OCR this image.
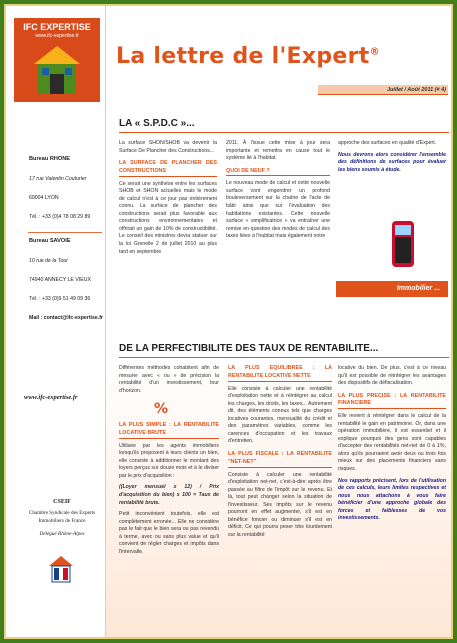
IFC EXPERTISE
www.ifc-expertise.fr
Bureau RHONE
17 rue Valentin Couturier
69004 LYON
Tél. : +33 (0)4 78 08 29 89
Bureau SAVOIE
10 rue de la Tour
74940 ANNECY LE VIEUX
Tél. : +33 (0)9 51 49 09 36
Mail : contact@ifc-expertise.fr
www.ifc-expertise.fr
CSEIF
Chambre Syndicale des Experts
Immobiliers de France
Délégué Rhône-Alpes
La lettre de l'Expert®
Juillet / Août 2011 (# 4)
LA « S.P.D.C »...

La surface SHON/SHOB va devenir la Surface De Plancher des Constructions...

LA SURFACE DE PLANCHER DES CONSTRUCTIONS

Ce serait une synthèse entre les surfaces SHOB et SHON actuelles mais le mode de calcul n'est à ce jour pas entièrement connu. La surface de plancher des constructions serait plus favorable aux constructions environnementales et offrirait un gain de 10% de constructibilité. Le conseil des ministres devra statuer sur la loi Grenelle 2 de juillet 2010 au plus tard en septembre

2011. À l'issue cette mise à jour sera importante et remettra en cause tout le système lié à l'habitat.

QUOI DE NEUF ?

Le nouveau mode de calcul et cette nouvelle surface vont engendrer un profond bouleversement sur la chaîne de l'acte de bâtir ainsi que sur l'évaluation des habitations existantes. Cette nouvelle surface « simplificatrice » va entraîner une remise en question des modes de calcul des taxes liées à l'habitat mais également notre

approche des surfaces en qualité d'Expert.

Nous devrons alors considérer l'ensemble des définitions de surfaces pour évaluer les biens soumis à étude.

Immobilier ...
DE LA PERFECTIBILITE DES TAUX DE RENTABILITE...

Différentes méthodes cohabitent afin de mesurer avec « ou » de précision la rentabilité d'un investissement, tour d'horizon.

LA PLUS SIMPLE : LA RENTABILITE LOCATIVE BRUTE

Utilisée par les agents immobiliers lorsqu'ils proposent à leurs clients un bien, elle consiste à additionner le montant des loyers perçus sur douze mois et à le diviser par le prix d'acquisition :

((Loyer mensuel x 12) / Prix d'acquisition du bien) x 100 = Taux de rentabilité brute.

Petit inconvénient toutefois, elle est complètement erronée... Elle ne considère pas le fait que le bien sera ou pas revendu à terme, avec ou sans plus value et qu'il convient de régler charges et impôts dans l'intervalle.

%
LA PLUS EQUILIBREE : LA RENTABILITE LOCATIVE NETTE

Elle consiste à calculer une rentabilité d'exploitation nette et à réintégrer au calcul les charges, les droits, les taxes... Autrement dit, des éléments connus tels que charges locatives courantes, mensualité du crédit et des paramètres variables, comme les carences d'occupation et les travaux d'entretien.

LA PLUS FISCALE : LA RENTABILITE "NET-NET"

Consiste à calculer une rentabilité d'exploitation net-net, c'est-à-dire après être passée au filtre de l'impôt sur le revenu. Et là, tout peut changer selon la situation de l'investisseur. Ses impôts sur le revenu pourront en effet augmenter, s'il est en bénéfice foncier ou diminuer s'il est en déficit. Ce qui pourra peser très lourdement sur la rentabilité

locative du bien. De plus, c'est à ce niveau qu'il est possible de réintégrer les avantages des dispositifs de défiscalisation.

LA PLUS PRECISE : LA RENTABILITE FINANCIERE

Elle revient à réintégrer dans le calcul de la rentabilité le gain en patrimoine. Or, dans une opération immobilière, il est essentiel et il explique pourquoi des gens sont capables d'accepter des rentabilités net-net de 0 à 1%, alors qu'ils pourraient avoir deux ou trois fois mieux sur des placements financiers sans risques.

Nos rapports précisent, lors de l'utilisation de ces calculs, leurs limites respectives et nous nous attachons à vous faire bénéficier d'une approche globale des forces et faiblesses de vos investissements.
